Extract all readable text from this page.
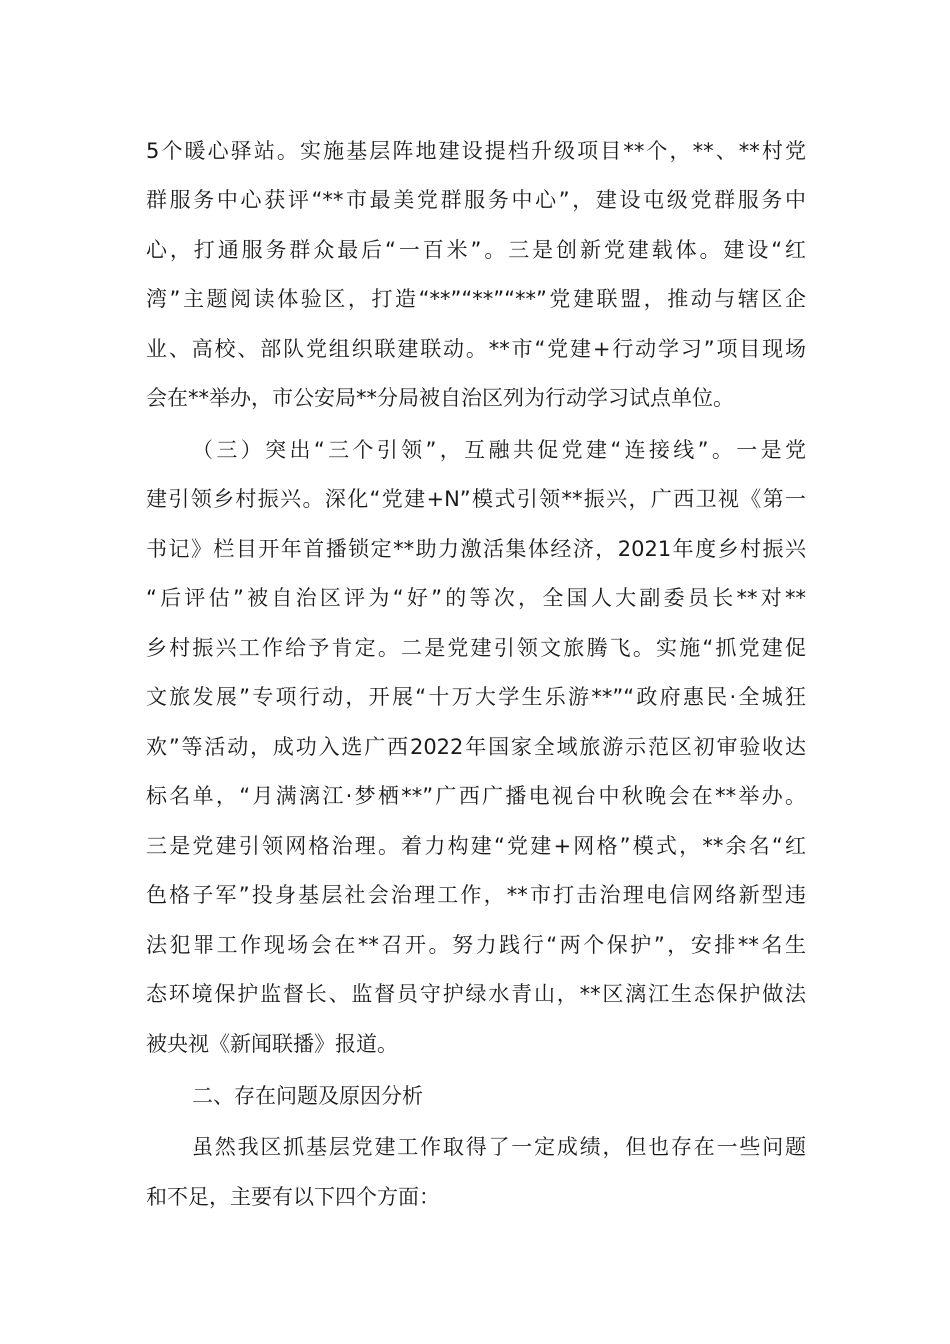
5个暖心驿站。实施基层阵地建设提档升级项目**个，**、**村党
群服务中心获评“**市最美党群服务中心”，建设屯级党群服务中
心，打通服务群众最后“一百米”。三是创新党建载体。建设“红
湾”主题阅读体验区，打造“**”“**”“**”党建联盟，推动与辖区企
业、高校、部队党组织联建联动。**市“党建+行动学习”项目现场
会在**举办，市公安局**分局被自治区列为行动学习试点单位。
（三）突出“三个引领”，互融共促党建“连接线”。一是党
建引领乡村振兴。深化“党建+N”模式引领**振兴，广西卫视《第一
书记》栏目开年首播锁定**助力激活集体经济，2021年度乡村振兴
“后评估”被自治区评为“好”的等次，全国人大副委员长**对**
乡村振兴工作给予肯定。二是党建引领文旅腾飞。实施“抓党建促
文旅发展”专项行动，开展“十万大学生乐游**”“政府惠民·全城狂
欢”等活动，成功入选广西2022年国家全域旅游示范区初审验收达
标名单，“月满漓江·梦栖**”广西广播电视台中秋晚会在**举办。
三是党建引领网格治理。着力构建“党建+网格”模式，**余名“红
色格子军”投身基层社会治理工作，**市打击治理电信网络新型违
法犯罪工作现场会在**召开。努力践行“两个保护”，安排**名生
态环境保护监督长、监督员守护绿水青山，**区漓江生态保护做法
被央视《新闻联播》报道。
二、存在问题及原因分析
虽然我区抓基层党建工作取得了一定成绩，但也存在一些问题
和不足，主要有以下四个方面：
